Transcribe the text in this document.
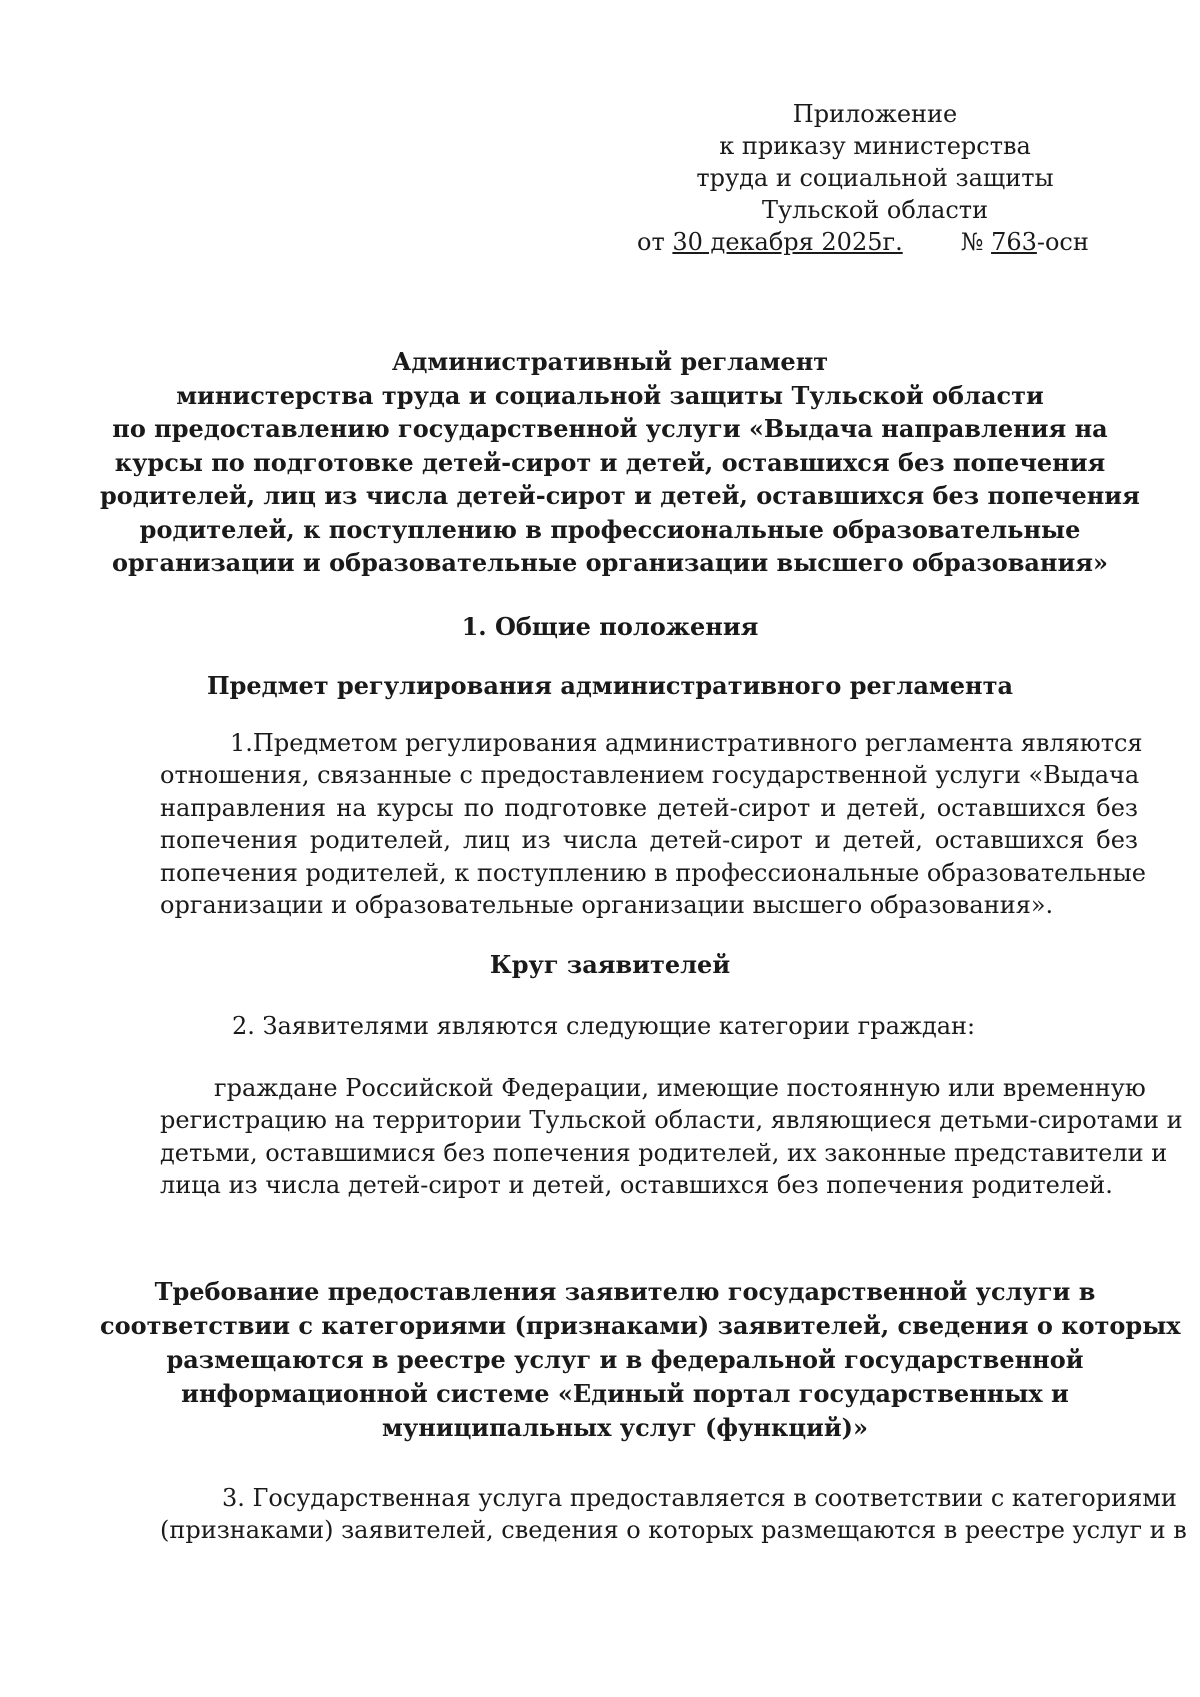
Приложение
к приказу министерства
труда и социальной защиты
Тульской области
от 30 декабря 2025г. № 763-осн
Административный регламент
министерства труда и социальной защиты Тульской области
по предоставлению государственной услуги «Выдача направления на
курсы по подготовке детей-сирот и детей, оставшихся без попечения
родителей, лиц из числа детей-сирот и детей, оставшихся без попечения
родителей, к поступлению в профессиональные образовательные
организации и образовательные организации высшего образования»
1. Общие положения
Предмет регулирования административного регламента
1.Предметом регулирования административного регламента являются
отношения, связанные с предоставлением государственной услуги «Выдача
направления на курсы по подготовке детей-сирот и детей, оставшихся без
попечения родителей, лиц из числа детей-сирот и детей, оставшихся без
попечения родителей, к поступлению в профессиональные образовательные
организации и образовательные организации высшего образования».
Круг заявителей
2. Заявителями являются следующие категории граждан:
граждане Российской Федерации, имеющие постоянную или временную
регистрацию на территории Тульской области, являющиеся детьми-сиротами и
детьми, оставшимися без попечения родителей, их законные представители и
лица из числа детей-сирот и детей, оставшихся без попечения родителей.
Требование предоставления заявителю государственной услуги в
соответствии с категориями (признаками) заявителей, сведения о которых
размещаются в реестре услуг и в федеральной государственной
информационной системе «Единый портал государственных и
муниципальных услуг (функций)»
3. Государственная услуга предоставляется в соответствии с категориями
(признаками) заявителей, сведения о которых размещаются в реестре услуг и в
